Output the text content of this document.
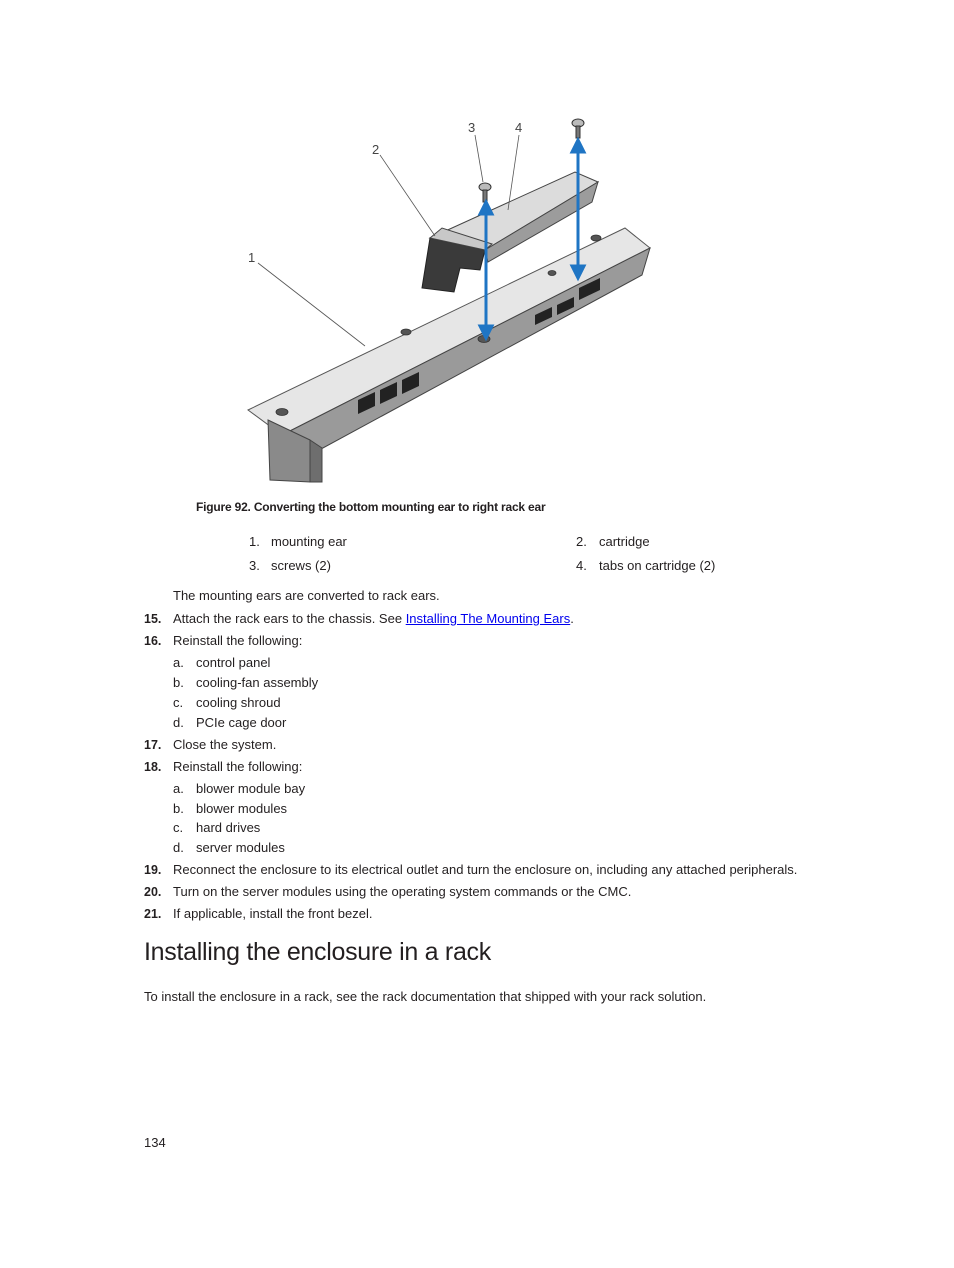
1
2
3	4
Figure 92. Converting the bottom mounting ear to right rack ear
1. mounting ear	2. cartridge
3. screws (2)	4. tabs on cartridge (2)
The mounting ears are converted to rack ears.
15. Attach the rack ears to the chassis. See Installing The Mounting Ears.
16. Reinstall the following:
a. control panel
b. cooling-fan assembly
c. cooling shroud
d. PCIe cage door
17. Close the system.
18. Reinstall the following:
a. blower module bay
b. blower modules
c. hard drives
d. server modules
19. Reconnect the enclosure to its electrical outlet and turn the enclosure on, including any attached peripherals.
20. Turn on the server modules using the operating system commands or the CMC.
21. If applicable, install the front bezel.
Installing the enclosure in a rack
To install the enclosure in a rack, see the rack documentation that shipped with your rack solution.
134
